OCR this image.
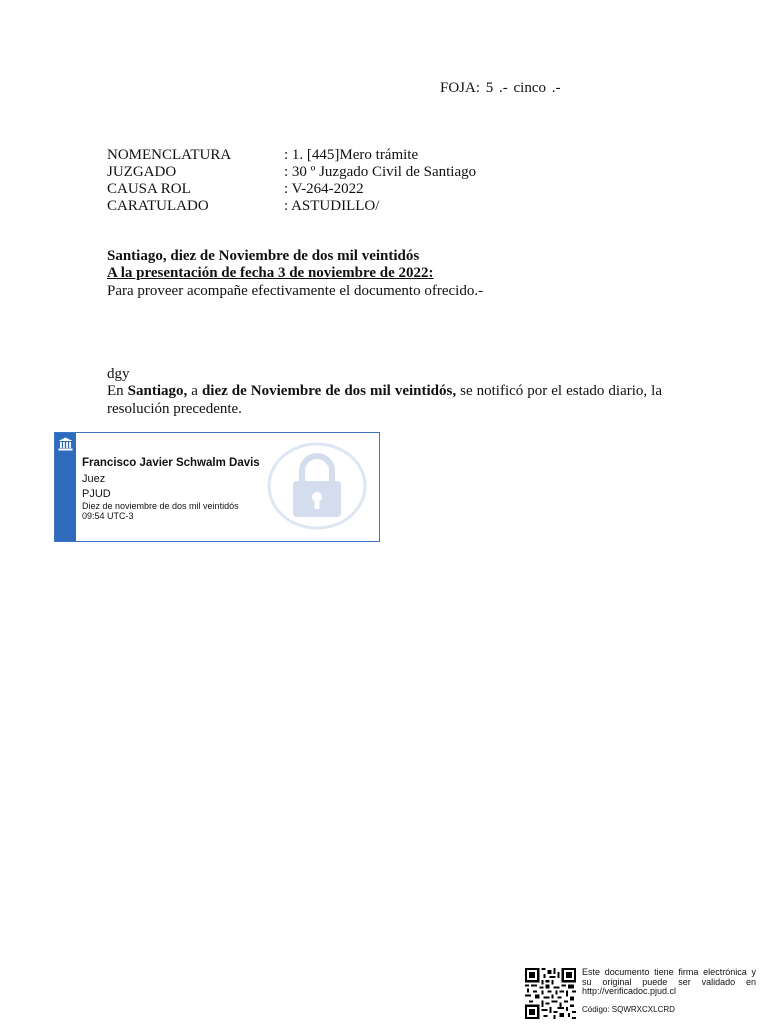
FOJA: 5 .- cinco .-
NOMENCLATURA	: 1. [445]Mero trámite
JUZGADO	: 30 º Juzgado Civil de Santiago
CAUSA ROL	: V-264-2022
CARATULADO	: ASTUDILLO/
Santiago, diez de Noviembre de dos mil veintidós
A la presentación de fecha 3 de noviembre de 2022:
Para proveer acompañe efectivamente el documento ofrecido.-
dgy
En Santiago, a diez de Noviembre de dos mil veintidós, se notificó por el estado diario, la resolución precedente.
Francisco Javier Schwalm Davis
Juez
PJUD
Diez de noviembre de dos mil veintidós
09:54 UTC-3
Este documento tiene firma electrónica y su original puede ser validado en http://verificadoc.pjud.cl
Código: SQWRXCXLCRD
